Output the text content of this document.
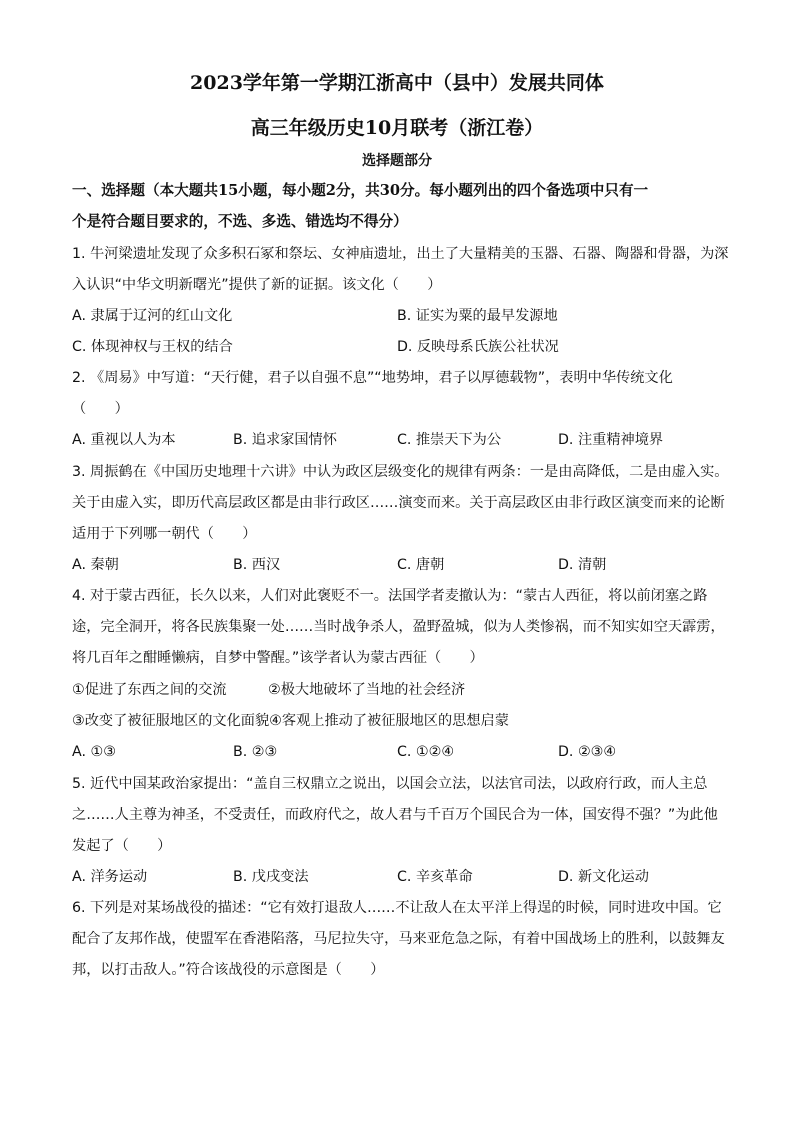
2023学年第一学期江浙高中（县中）发展共同体
高三年级历史10月联考（浙江卷）
选择题部分
一、选择题（本大题共15小题，每小题2分，共30分。每小题列出的四个备选项中只有一
个是符合题目要求的，不选、多选、错选均不得分）
1. 牛河梁遗址发现了众多积石冢和祭坛、女神庙遗址，出土了大量精美的玉器、石器、陶器和骨器，为深
入认识“中华文明新曙光”提供了新的证据。该文化（　　）
A. 隶属于辽河的红山文化	B. 证实为粟的最早发源地
C. 体现神权与王权的结合	D. 反映母系氏族公社状况
2. 《周易》中写道：“天行健，君子以自强不息”“地势坤，君子以厚德载物”，表明中华传统文化
（　　）
A. 重视以人为本	B. 追求家国情怀	C. 推崇天下为公	D. 注重精神境界
3. 周振鹤在《中国历史地理十六讲》中认为政区层级变化的规律有两条：一是由高降低，二是由虚入实。
关于由虚入实，即历代高层政区都是由非行政区……演变而来。关于高层政区由非行政区演变而来的论断
适用于下列哪一朝代（　　）
A. 秦朝	B. 西汉	C. 唐朝	D. 清朝
4. 对于蒙古西征，长久以来，人们对此褒贬不一。法国学者麦撤认为：“蒙古人西征，将以前闭塞之路
途，完全洞开，将各民族集聚一处……当时战争杀人，盈野盈城，似为人类惨祸，而不知实如空天霹雳，
将几百年之酣睡懒病，自梦中警醒。”该学者认为蒙古西征（　　）
①促进了东西之间的交流	②极大地破坏了当地的社会经济
③改变了被征服地区的文化面貌④客观上推动了被征服地区的思想启蒙
A. ①③	B. ②③	C. ①②④	D. ②③④
5. 近代中国某政治家提出：“盖自三权鼎立之说出，以国会立法，以法官司法，以政府行政，而人主总
之……人主尊为神圣，不受责任，而政府代之，故人君与千百万个国民合为一体，国安得不强？”为此他
发起了（　　）
A. 洋务运动	B. 戊戌变法	C. 辛亥革命	D. 新文化运动
6. 下列是对某场战役的描述：“它有效打退敌人……不让敌人在太平洋上得逞的时候，同时进攻中国。它
配合了友邦作战，使盟军在香港陷落，马尼拉失守，马来亚危急之际，有着中国战场上的胜利，以鼓舞友
邦，以打击敌人。”符合该战役的示意图是（　　）
